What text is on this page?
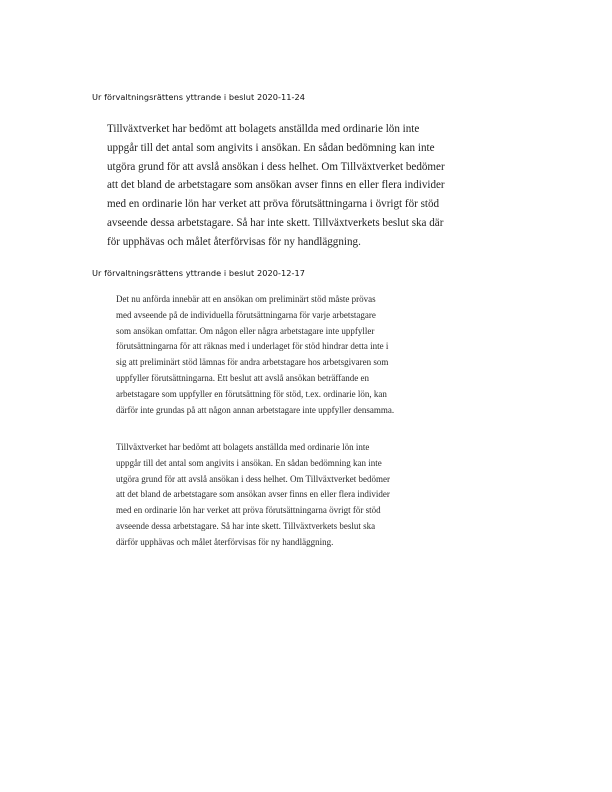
Ur förvaltningsrättens yttrande i beslut 2020-11-24
Tillväxtverket har bedömt att bolagets anställda med ordinarie lön inte
uppgår till det antal som angivits i ansökan. En sådan bedömning kan inte
utgöra grund för att avslå ansökan i dess helhet. Om Tillväxtverket bedömer
att det bland de arbetstagare som ansökan avser finns en eller flera individer
med en ordinarie lön har verket att pröva förutsättningarna i övrigt för stöd
avseende dessa arbetstagare. Så har inte skett. Tillväxtverkets beslut ska där
för upphävas och målet återförvisas för ny handläggning.
Ur förvaltningsrättens yttrande i beslut 2020-12-17
Det nu anförda innebär att en ansökan om preliminärt stöd måste prövas
med avseende på de individuella förutsättningarna för varje arbetstagare
som ansökan omfattar. Om någon eller några arbetstagare inte uppfyller
förutsättningarna för att räknas med i underlaget för stöd hindrar detta inte i
sig att preliminärt stöd lämnas för andra arbetstagare hos arbetsgivaren som
uppfyller förutsättningarna. Ett beslut att avslå ansökan beträffande en
arbetstagare som uppfyller en förutsättning för stöd, t.ex. ordinarie lön, kan
därför inte grundas på att någon annan arbetstagare inte uppfyller densamma.
Tillväxtverket har bedömt att bolagets anställda med ordinarie lön inte
uppgår till det antal som angivits i ansökan. En sådan bedömning kan inte
utgöra grund för att avslå ansökan i dess helhet. Om Tillväxtverket bedömer
att det bland de arbetstagare som ansökan avser finns en eller flera individer
med en ordinarie lön har verket att pröva förutsättningarna övrigt för stöd
avseende dessa arbetstagare. Så har inte skett. Tillväxtverkets beslut ska
därför upphävas och målet återförvisas för ny handläggning.
